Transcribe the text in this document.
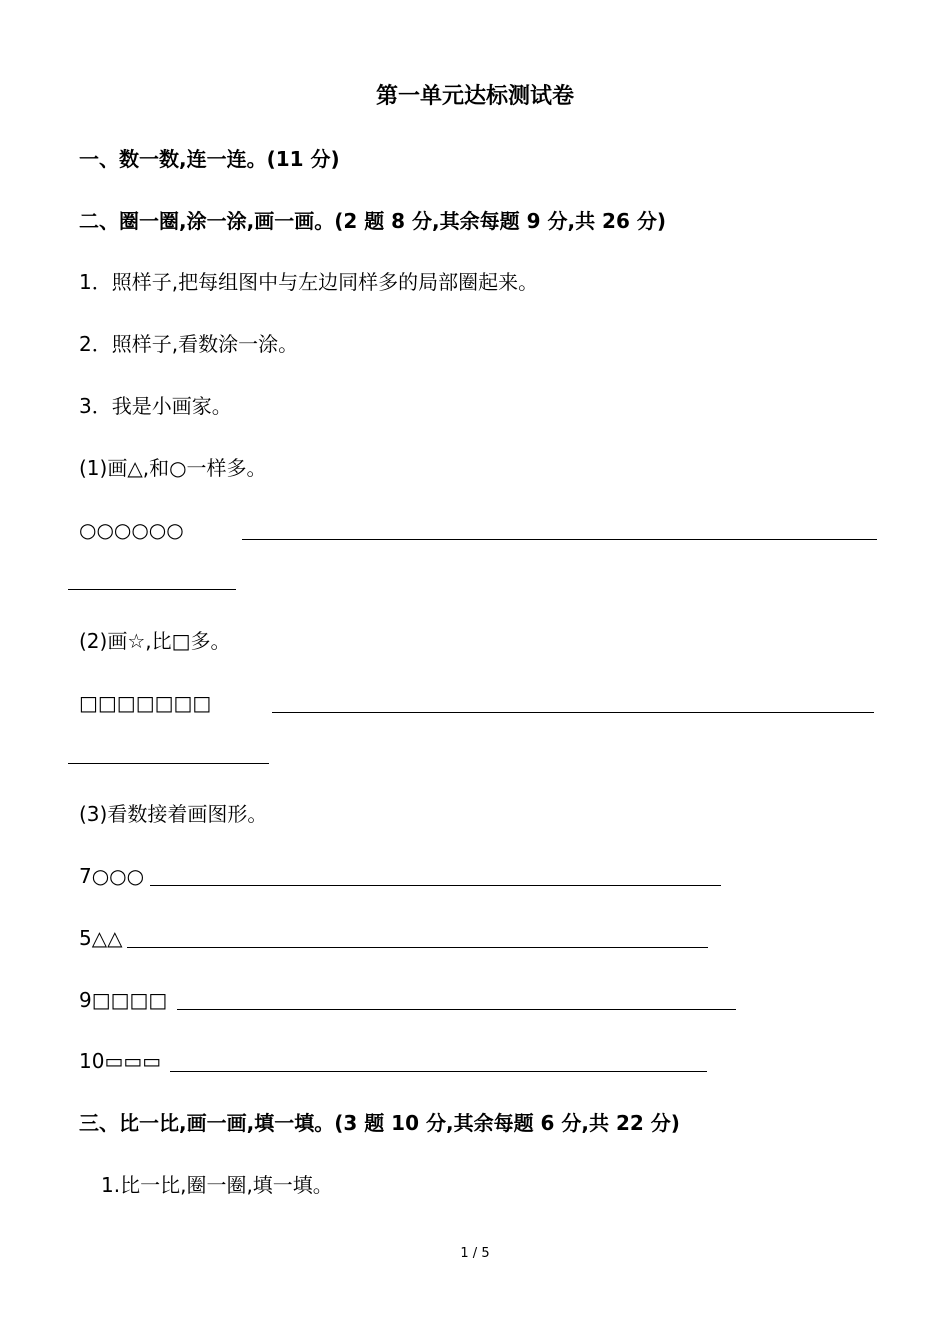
第一单元达标测试卷
一、数一数,连一连。(11 分)
二、圈一圈,涂一涂,画一画。(2 题 8 分,其余每题 9 分,共 26 分)
1．照样子,把每组图中与左边同样多的局部圈起来。
2．照样子,看数涂一涂。
3．我是小画家。
(1)画△,和○一样多。
○○○○○○
(2)画☆,比□多。
□□□□□□□
(3)看数接着画图形。
7○○○
5△△
9□□□□
10▭▭▭
三、比一比,画一画,填一填。(3 题 10 分,其余每题 6 分,共 22 分)
1.比一比,圈一圈,填一填。
1 / 5
